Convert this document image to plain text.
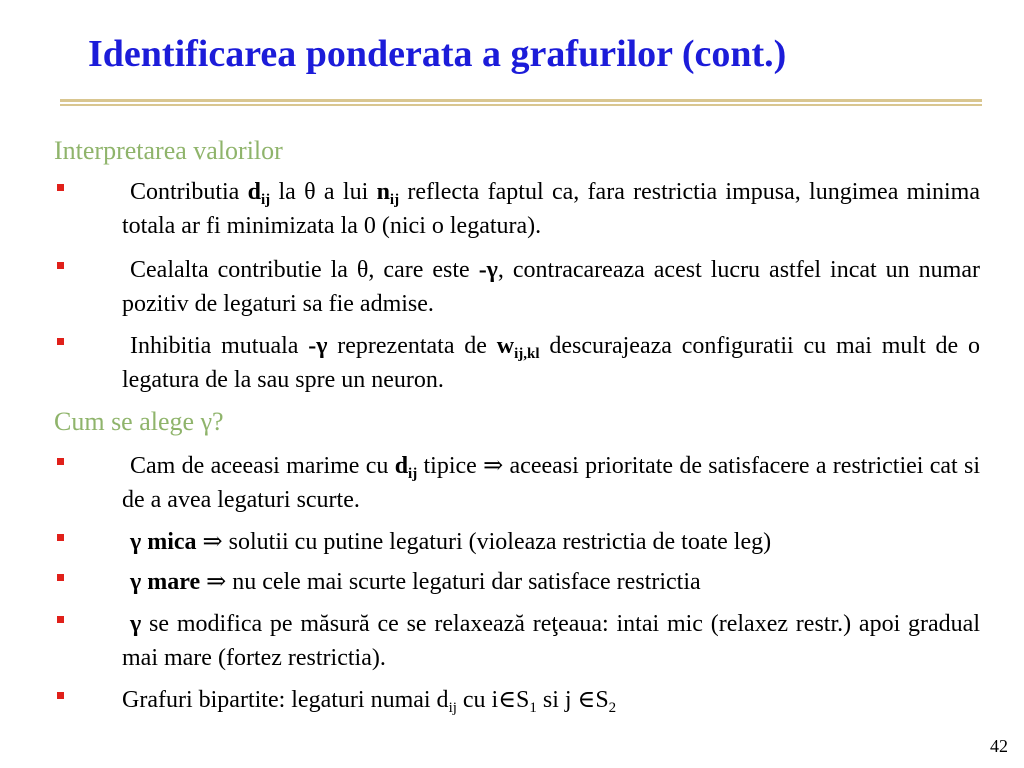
Identificarea ponderata a grafurilor (cont.)
Interpretarea valorilor
Contributia $d_{ij}$ la θ a lui $n_{ij}$ reflecta faptul ca, fara restrictia impusa, lungimea minima totala ar fi minimizata la 0 (nici o legatura).
Cealalta contributie la θ, care este -γ, contracareaza acest lucru astfel incat un numar pozitiv de legaturi sa fie admise.
Inhibitia mutuala -γ reprezentata de $w_{ij,kl}$ descurajeaza configuratii cu mai mult de o legatura de la sau spre un neuron.
Cum se alege γ?
Cam de aceeasi marime cu $d_{ij}$ tipice ⇒ aceeasi prioritate de satisfacere a restrictiei cat si de a avea legaturi scurte.
γ mica ⇒ solutii cu putine legaturi (violeaza restrictia de toate leg)
γ mare ⇒ nu cele mai scurte legaturi dar satisface restrictia
γ se modifica pe măsură ce se relaxează reţeaua: intai mic (relaxez restr.) apoi gradual mai mare (fortez restrictia).
Grafuri bipartite: legaturi numai $d_{ij}$ cu $i\in S_1$ si j $\in S_2$
42
